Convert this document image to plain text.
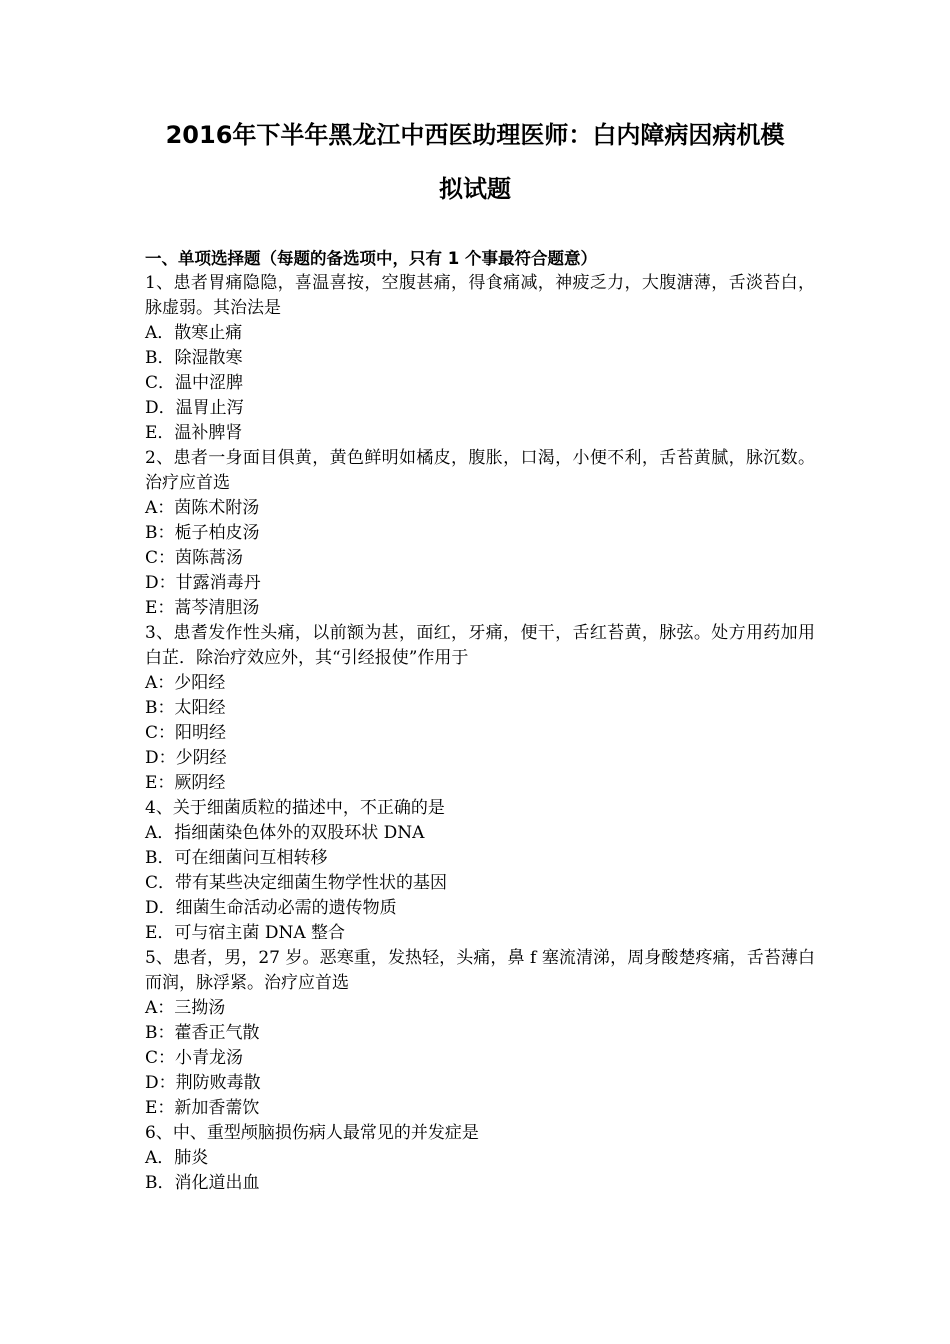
2016年下半年黑龙江中西医助理医师：白内障病因病机模
拟试题
一、单项选择题（每题的备选项中，只有 1 个事最符合题意）
1、患者胃痛隐隐，喜温喜按，空腹甚痛，得食痛减，神疲乏力，大腹溏薄，舌淡苔白，脉虚弱。其治法是
A．散寒止痛
B．除湿散寒
C．温中涩脾
D．温胃止泻
E．温补脾肾
2、患者一身面目俱黄，黄色鲜明如橘皮，腹胀，口渴，小便不利，舌苔黄腻，脉沉数。治疗应首选
A：茵陈术附汤
B：栀子柏皮汤
C：茵陈蒿汤
D：甘露消毒丹
E：蒿芩清胆汤
3、患耆发作性头痛，以前额为甚，面红，牙痛，便干，舌红苔黄，脉弦。处方用药加用白芷．除治疗效应外，其“引经报使”作用于
A：少阳经
B：太阳经
C：阳明经
D：少阴经
E：厥阴经
4、关于细菌质粒的描述中，不正确的是
A．指细菌染色体外的双股环状 DNA
B．可在细菌问互相转移
C．带有某些决定细菌生物学性状的基因
D．细菌生命活动必需的遗传物质
E．可与宿主菌 DNA 整合
5、患者，男，27 岁。恶寒重，发热轻，头痛，鼻 f 塞流清涕，周身酸楚疼痛，舌苔薄白而润，脉浮紧。治疗应首选
A：三拗汤
B：藿香正气散
C：小青龙汤
D：荆防败毒散
E：新加香薷饮
6、中、重型颅脑损伤病人最常见的并发症是
A．肺炎
B．消化道出血
